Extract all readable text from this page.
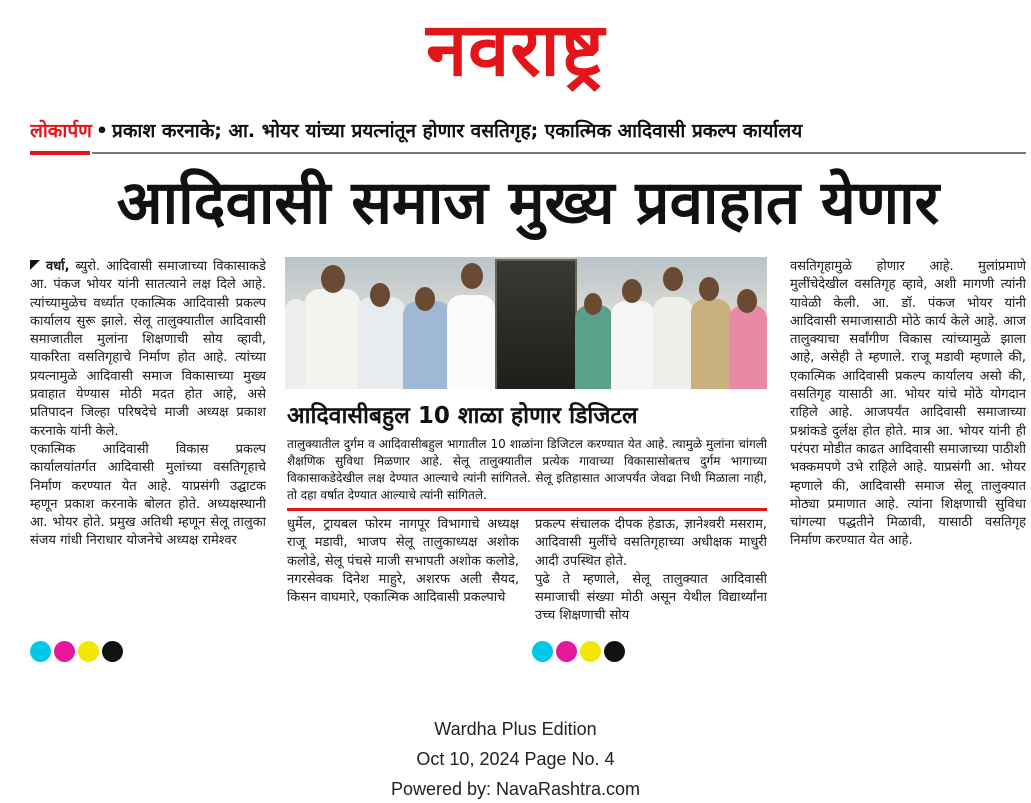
नवराष्ट्र
लोकार्पण • प्रकाश करनाके; आ. भोयर यांच्या प्रयत्नांतून होणार वसतिगृह; एकात्मिक आदिवासी प्रकल्प कार्यालय
आदिवासी समाज मुख्य प्रवाहात येणार

वर्धा, ब्युरो. आदिवासी समाजाच्या विकासाकडे आ. पंकज भोयर यांनी सातत्याने लक्ष दिले आहे. त्यांच्यामुळेच वर्ध्यात एकात्मिक आदिवासी प्रकल्प कार्यालय सुरू झाले. सेलू तालुक्यातील आदिवासी समाजातील मुलांना शिक्षणाची सोय व्हावी, याकरिता वसतिगृहाचे निर्माण होत आहे. त्यांच्या प्रयत्नामुळे आदिवासी समाज विकासाच्या मुख्य प्रवाहात येण्यास मोठी मदत होत आहे, असे प्रतिपादन जिल्हा परिषदेचे माजी अध्यक्ष प्रकाश करनाके यांनी केले.

एकात्मिक आदिवासी विकास प्रकल्प कार्यालयांतर्गत आदिवासी मुलांच्या वसतिगृहाचे निर्माण करण्यात येत आहे. याप्रसंगी उद्घाटक म्हणून प्रकाश करनाके बोलत होते. अध्यक्षस्थानी आ. भोयर होते. प्रमुख अतिथी म्हणून सेलू तालुका संजय गांधी निराधार योजनेचे अध्यक्ष रामेश्वर

आदिवासीबहुल 10 शाळा होणार डिजिटल
तालुक्यातील दुर्गम व आदिवासीबहुल भागातील 10 शाळांना डिजिटल करण्यात येत आहे. त्यामुळे मुलांना चांगली शैक्षणिक सुविधा मिळणार आहे. सेलू तालुक्यातील प्रत्येक गावाच्या विकासासोबतच दुर्गम भागाच्या विकासाकडेदेखील लक्ष देण्यात आल्याचे त्यांनी सांगितले. सेलू इतिहासात आजपर्यंत जेवढा निधी मिळाला नाही, तो दहा वर्षात देण्यात आल्याचे त्यांनी सांगितले.

धुर्मेल, ट्रायबल फोरम नागपूर विभागाचे अध्यक्ष राजू मडावी, भाजप सेलू तालुकाध्यक्ष अशोक कलोडे, सेलू पंचसे माजी सभापती अशोक कलोडे, नगरसेवक दिनेश माहुरे, अशरफ अली सैयद, किसन वाघमारे, एकात्मिक आदिवासी प्रकल्पाचे

प्रकल्प संचालक दीपक हेडाऊ, ज्ञानेश्वरी मसराम, आदिवासी मुलींचे वसतिगृहाच्या अधीक्षक माधुरी आदी उपस्थित होते.

पुढे ते म्हणाले, सेलू तालुक्यात आदिवासी समाजाची संख्या मोठी असून येथील विद्यार्थ्यांना उच्च शिक्षणाची सोय

वसतिगृहामुळे होणार आहे. मुलांप्रमाणे मुलींचेदेखील वसतिगृह व्हावे, अशी मागणी त्यांनी यावेळी केली. आ. डॉ. पंकज भोयर यांनी आदिवासी समाजासाठी मोठे कार्य केले आहे. आज तालुक्याचा सर्वांगीण विकास त्यांच्यामुळे झाला आहे, असेही ते म्हणाले. राजू मडावी म्हणाले की, एकात्मिक आदिवासी प्रकल्प कार्यालय असो की, वसतिगृह यासाठी आ. भोयर यांचे मोठे योगदान राहिले आहे. आजपर्यंत आदिवासी समाजाच्या प्रश्नांकडे दुर्लक्ष होत होते. मात्र आ. भोयर यांनी ही परंपरा मोडीत काढत आदिवासी समाजाच्या पाठीशी भक्कमपणे उभे राहिले आहे. याप्रसंगी आ. भोयर म्हणाले की, आदिवासी समाज सेलू तालुक्यात मोठ्या प्रमाणात आहे. त्यांना शिक्षणाची सुविधा चांगल्या पद्धतीने मिळावी, यासाठी वसतिगृह निर्माण करण्यात येत आहे.

Wardha Plus Edition
Oct 10, 2024 Page No. 4
Powered by: NavaRashtra.com
